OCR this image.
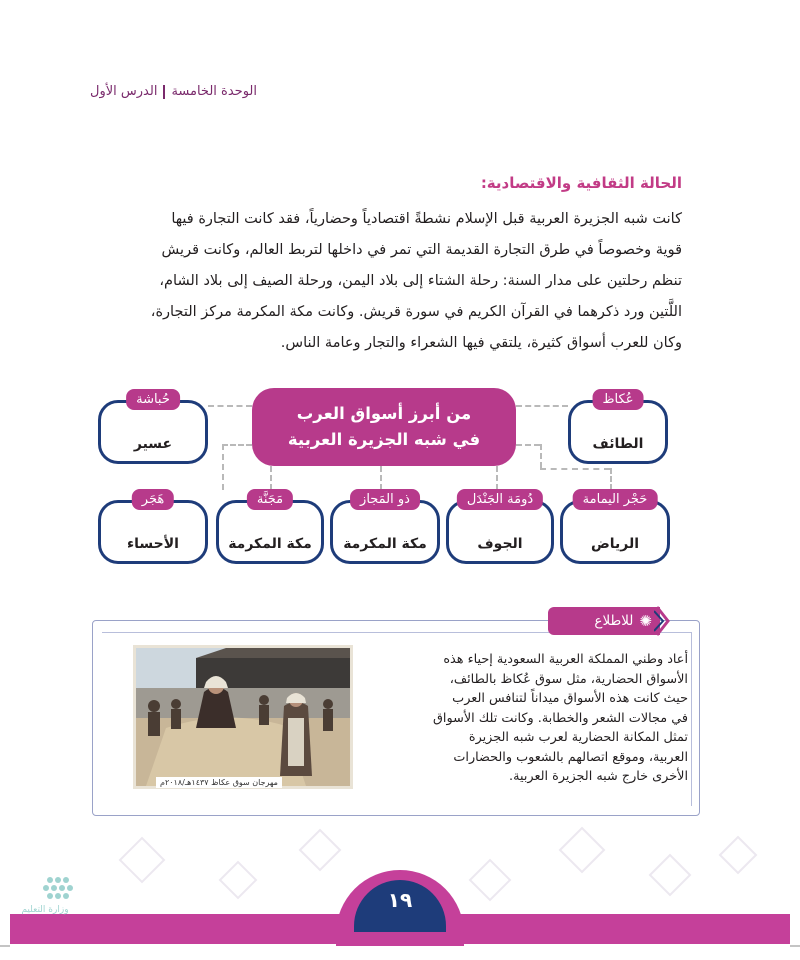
الوحدة الخامسةالدرس الأول
الحالة الثقافية والاقتصادية:

كانت شبه الجزيرة العربية قبل الإسلام نشطةً اقتصادياً وحضارياً، فقد كانت التجارة فيها

قوية وخصوصاً في طرق التجارة القديمة التي تمر في داخلها لتربط العالم، وكانت قريش

تنظم رحلتين على مدار السنة: رحلة الشتاء إلى بلاد اليمن، ورحلة الصيف إلى بلاد الشام،

اللَّتين ورد ذكرهما في القرآن الكريم في سورة قريش. وكانت مكة المكرمة مركز التجارة،

وكان للعرب أسواق كثيرة، يلتقي فيها الشعراء والتجار وعامة الناس.

من أبرز أسواق العرب
في شبه الجزيرة العربية
عُكاظ
الطائف
حُباشة
عسير
حَجْر اليمامة
الرياض
دُومَة الجَنْدَل
الجوف
ذو المَجاز
مكة المكرمة
مَجَنَّة
مكة المكرمة
هَجَر
الأحساء
✺
للاطلاع

أعاد وطني المملكة العربية السعودية إحياء هذه

الأسواق الحضارية، مثل سوق عُكاظ بالطائف،

حيث كانت هذه الأسواق ميداناً لتنافس العرب

في مجالات الشعر والخطابة. وكانت تلك الأسواق

تمثل المكانة الحضارية لعرب شبه الجزيرة

العربية، وموقع اتصالهم بالشعوب والحضارات

الأخرى خارج شبه الجزيرة العربية.

مهرجان سوق عكاظ ١٤٣٧هـ/٢٠١٨م
١٩
وزارة التعليم
